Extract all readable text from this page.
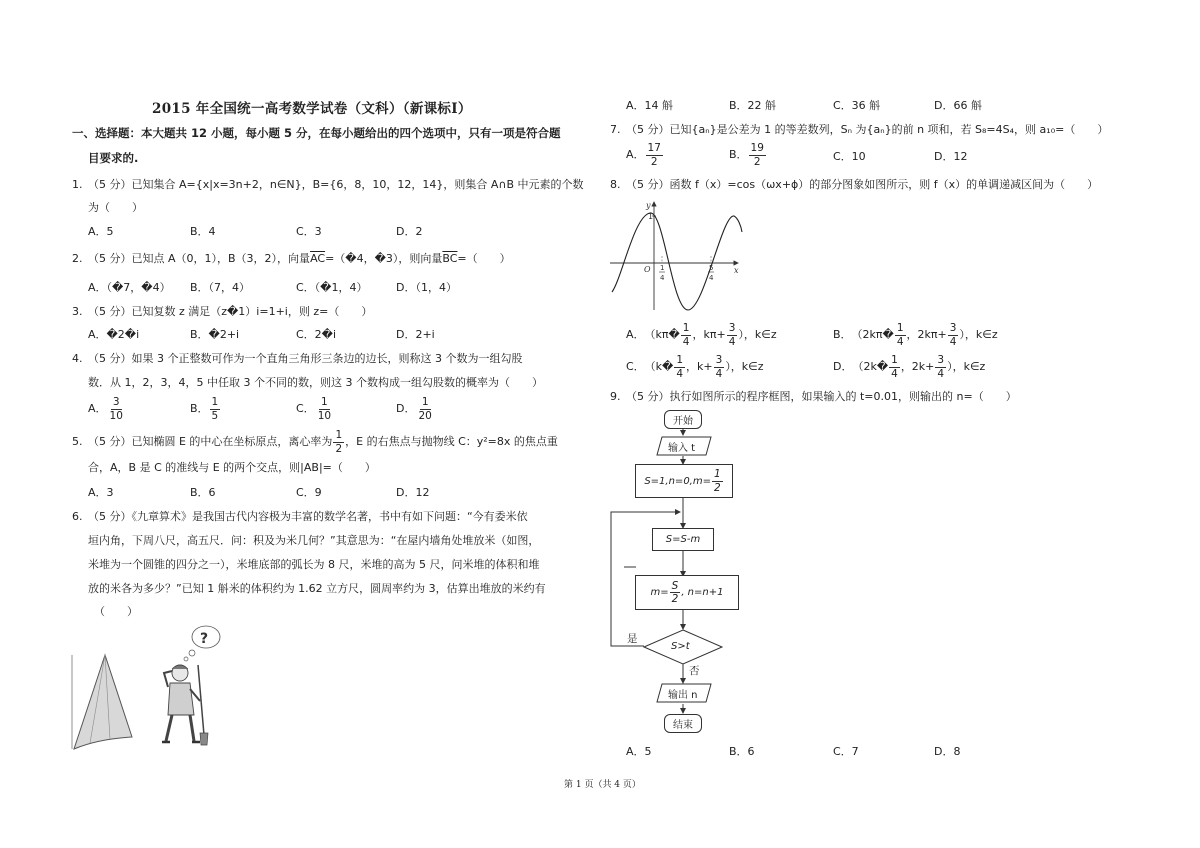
2015 年全国统一高考数学试卷（文科）（新课标Ⅰ）
一、选择题：本大题共 12 小题，每小题 5 分，在每小题给出的四个选项中，只有一项是符合题
目要求的.
1.　（5 分）已知集合 A={x|x=3n+2，n∈N}，B={6，8，10，12，14}，则集合 A∩B 中元素的个数
为（　　）
A．5	B．4	C．3	D．2
2.　（5 分）已知点 A（0，1），B（3，2），向量$\overline{AC}=(�4$，�3），则向量$\overline{BC}=$（　　）
A．（�7，�4） B．（7，4）	C．（�1，4）	D．（1，4）
3.　（5 分）已知复数 z 满足（z�1）i=1+i，则 z=（　　）
A．�2�i	B．�2+i	C．2�i	D．2+i
4.　（5 分）如果 3 个正整数可作为一个直角三角形三条边的边长，则称这 3 个数为一组勾股
数．从 1，2，3，4，5 中任取 3 个不同的数，则这 3 个数构成一组勾股数的概率为（　　）
A． $\frac{3}{10}$	B． $\frac{1}{5}$	C． $\frac{1}{10}$	D． $\frac{1}{20}$
5.　（5 分）已知椭圆 E 的中心在坐标原点，离心率为 $\frac{1}{2}$ ，E 的右焦点与抛物线 C：y²=8x 的焦点重
合，A，B 是 C 的准线与 E 的两个交点，则|AB|=（　　）
A．3	B．6	C．9	D．12
6.　（5 分）《九章算术》是我国古代内容极为丰富的数学名著，书中有如下问题：“今有委米依
垣内角，下周八尺，高五尺．问：积及为米几何？”其意思为：“在屋内墙角处堆放米（如图，
米堆为一个圆锥的四分之一），米堆底部的弧长为 8 尺，米堆的高为 5 尺，问米堆的体积和堆
放的米各为多少？”已知 1 斛米的体积约为 1.62 立方尺，圆周率约为 3，估算出堆放的米约有
（　　）
?
A．14 斛	B．22 斛	C．36 斛	D．66 斛
7.　（5 分）已知{aₙ}是公差为 1 的等差数列，Sₙ 为{aₙ}的前 n 项和，若 S₈=4S₄，则 a₁₀=（　　）
A． $\frac{17}{2}$	B． $\frac{19}{2}$	C．10	D．12
8.　（5 分）函数 f（x）=cos（ωx+ϕ）的部分图象如图所示，则 f（x）的单调递减区间为（　　）
x
y
O
1
1
4
5
4
A．　（kπ� $\frac{1}{4}$ ，$k\pi+ \frac{3}{4}$ ），k∈z	B．　（2kπ� $\frac{1}{4}$ ，$2k\pi+ \frac{3}{4}$ ），k∈z
C．　（k� $\frac{1}{4}$ ，$k+ \frac{3}{4}$ ），k∈z	D．　（2k� $\frac{1}{4}$ ，$2k+ \frac{3}{4}$ ），k∈z
9.　（5 分）执行如图所示的程序框图，如果输入的 t=0.01，则输出的 n=（　　）
开始
输入 t
$S=1,n=0,m= \frac{1}{2}$
S=S-m
$m= \frac{S}{2}$ , n=n+1
S>t
是
否
输出 n
结束
A．5	B．6	C．7	D．8
第 1 页（共 4 页）
